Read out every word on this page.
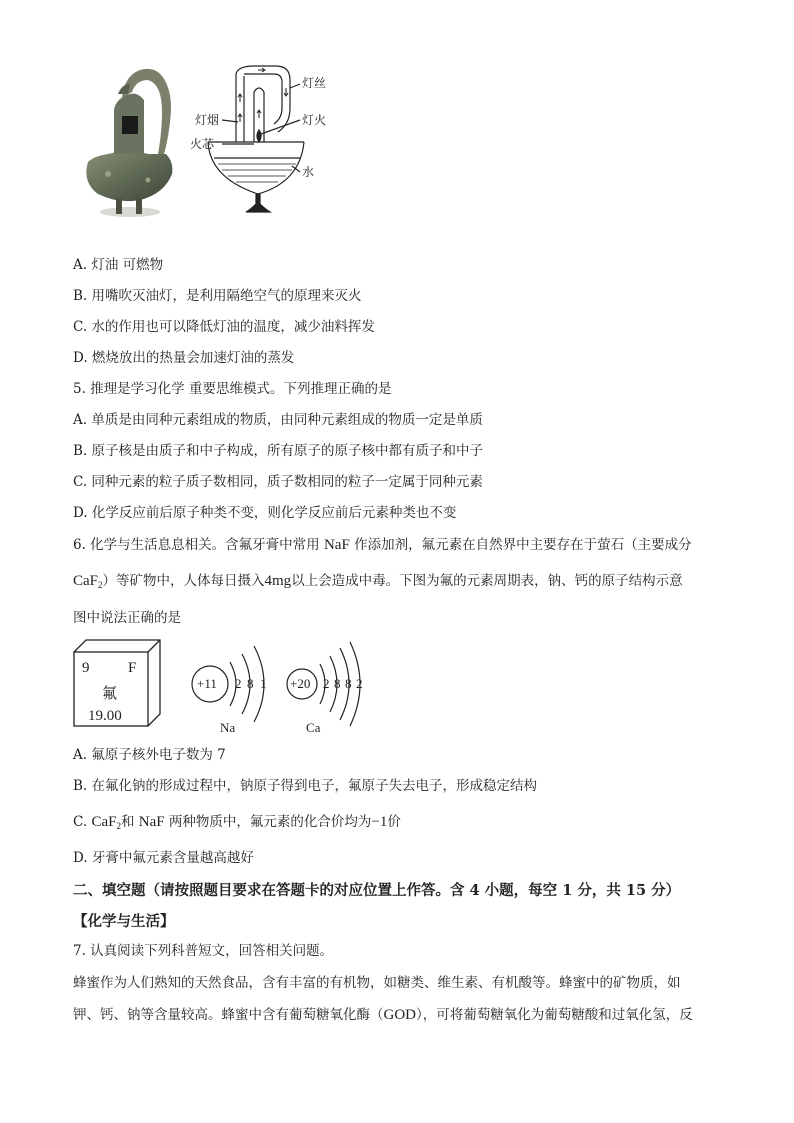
灯丝
灯烟	灯火
火芯
水
A. 灯油 可燃物
B. 用嘴吹灭油灯，是利用隔绝空气的原理来灭火
C. 水的作用也可以降低灯油的温度，减少油料挥发
D. 燃烧放出的热量会加速灯油的蒸发
5. 推理是学习化学 重要思维模式。下列推理正确的是
A. 单质是由同种元素组成的物质，由同种元素组成的物质一定是单质
B. 原子核是由质子和中子构成，所有原子的原子核中都有质子和中子
C. 同种元素的粒子质子数相同，质子数相同的粒子一定属于同种元素
D. 化学反应前后原子种类不变，则化学反应前后元素种类也不变
6. 化学与生活息息相关。含氟牙膏中常用 NaF 作添加剂，氟元素在自然界中主要存在于萤石（主要成分
CaF$_2$）等矿物中，人体每日摄入4mg以上会造成中毒。下图为氟的元素周期表，钠、钙的原子结构示意
图中说法正确的是
9	F
氟
19.00
+11 2 8 1
Na
+20 2 8 8 2
Ca
A. 氟原子核外电子数为 7
B. 在氟化钠的形成过程中，钠原子得到电子，氟原子失去电子，形成稳定结构
C. CaF$_2$和 NaF 两种物质中，氟元素的化合价均为−1价
D. 牙膏中氟元素含量越高越好
二、填空题（请按照题目要求在答题卡的对应位置上作答。含 4 小题，每空 1 分，共 15 分）
【化学与生活】
7. 认真阅读下列科普短文，回答相关问题。
蜂蜜作为人们熟知的天然食品，含有丰富的有机物，如糖类、维生素、有机酸等。蜂蜜中的矿物质，如
钾、钙、钠等含量较高。蜂蜜中含有葡萄糖氧化酶（GOD），可将葡萄糖氧化为葡萄糖酸和过氧化氢，反
